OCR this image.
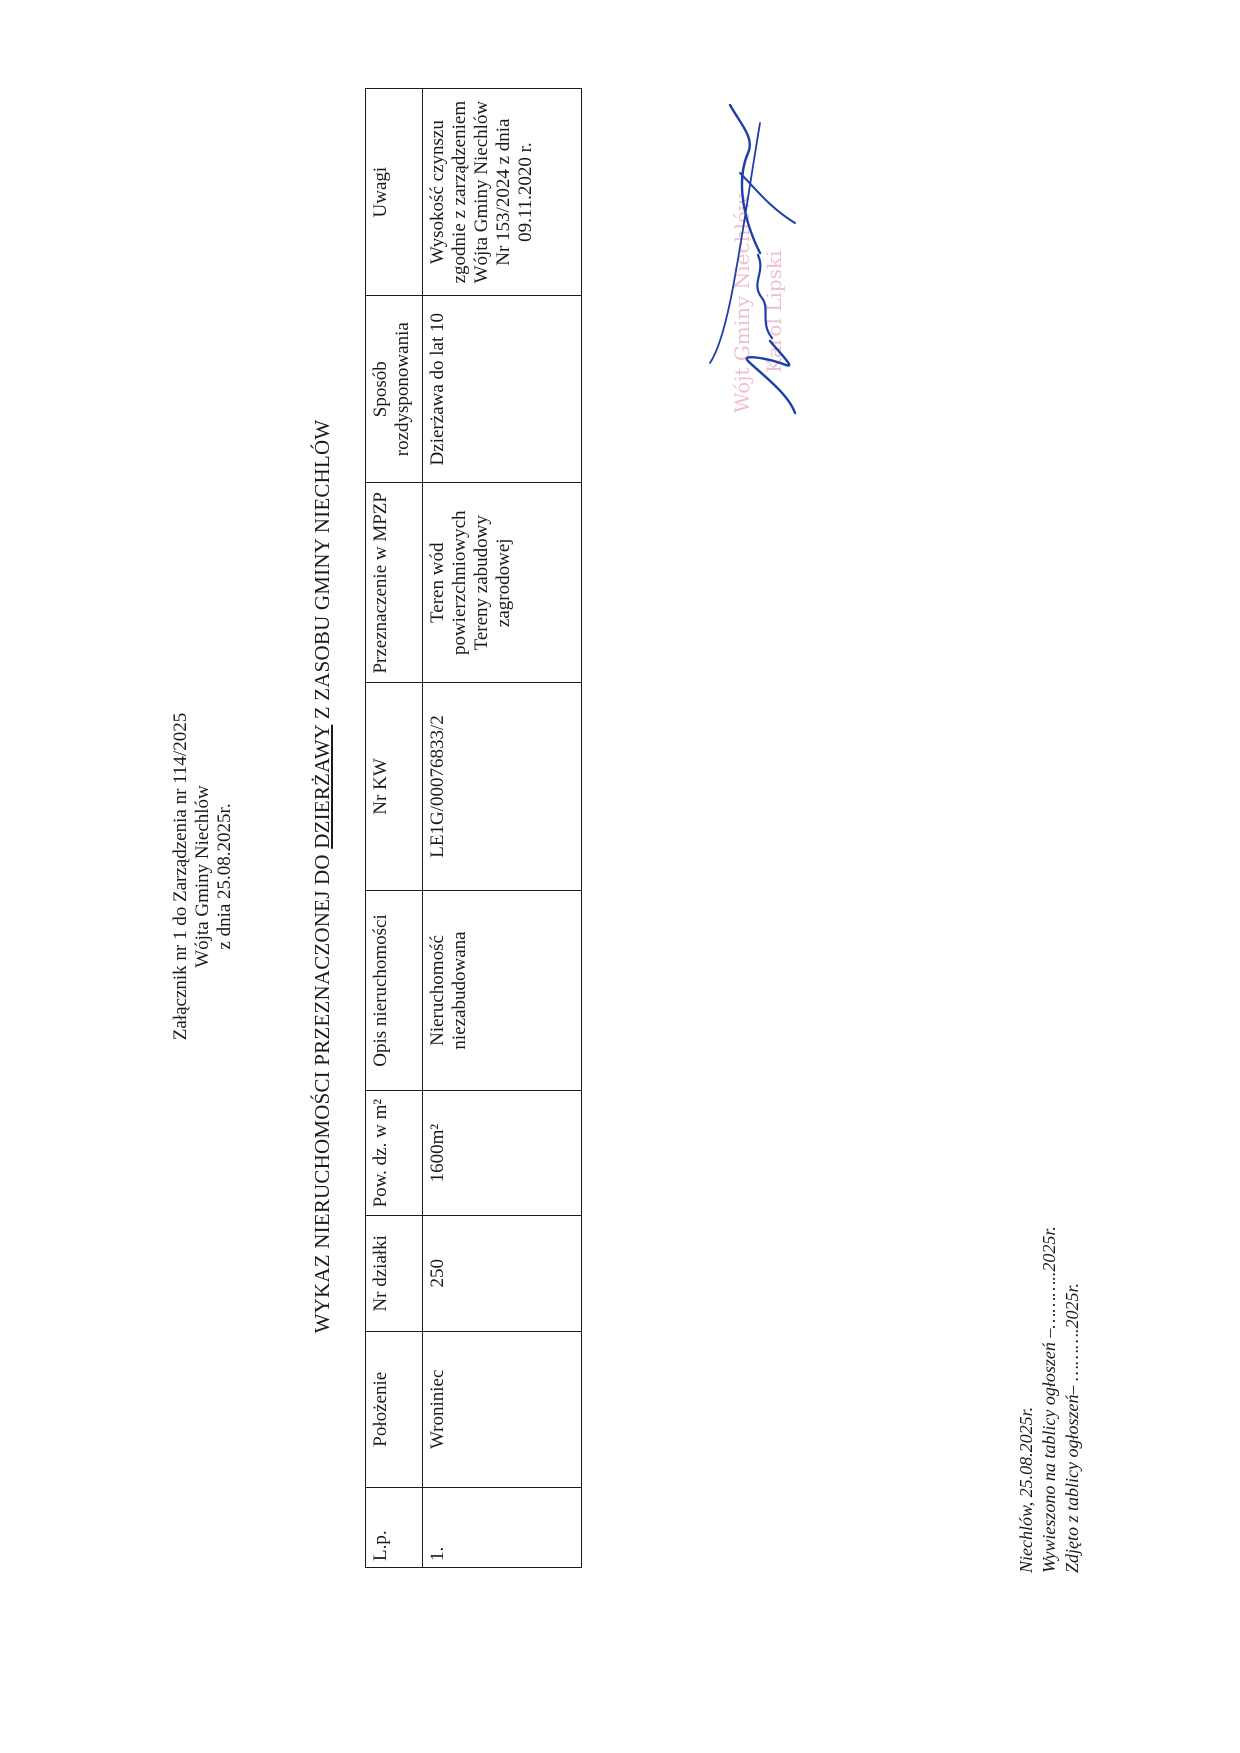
Załącznik nr 1 do Zarządzenia nr 114/2025 Wójta Gminy Niechlów z dnia 25.08.2025r.	WYKAZ NIERUCHOMOŚCI PRZEZNACZONEJ DO DZIERŻAWY Z ZASOBU GMINY NIECHLÓW
L.p.	Położenie	Nr działki	Pow. dz. w m²	Opis nieruchomości	Nr KW	Przeznaczenie w MPZP	Sposób rozdysponowania	Uwagi
1.	Wroniniec	250	1600m²	Nieruchomość niezabudowana	LE1G/00076833/2	Teren wód powierzchniowych Tereny zabudowy zagrodowej	Dzierżawa do lat 10	Wysokość czynszu zgodnie z zarządzeniem Wójta Gminy Niechlów Nr 153/2024 z dnia 09.11.2020 r.
Niechlów, 25.08.2025r. Wywieszono na tablicy ogłoszeń –………..2025r. Zdjęto z tablicy ogłoszeń– ……….2025r.
Wójt Gminy Niechlów Karol Lipski
